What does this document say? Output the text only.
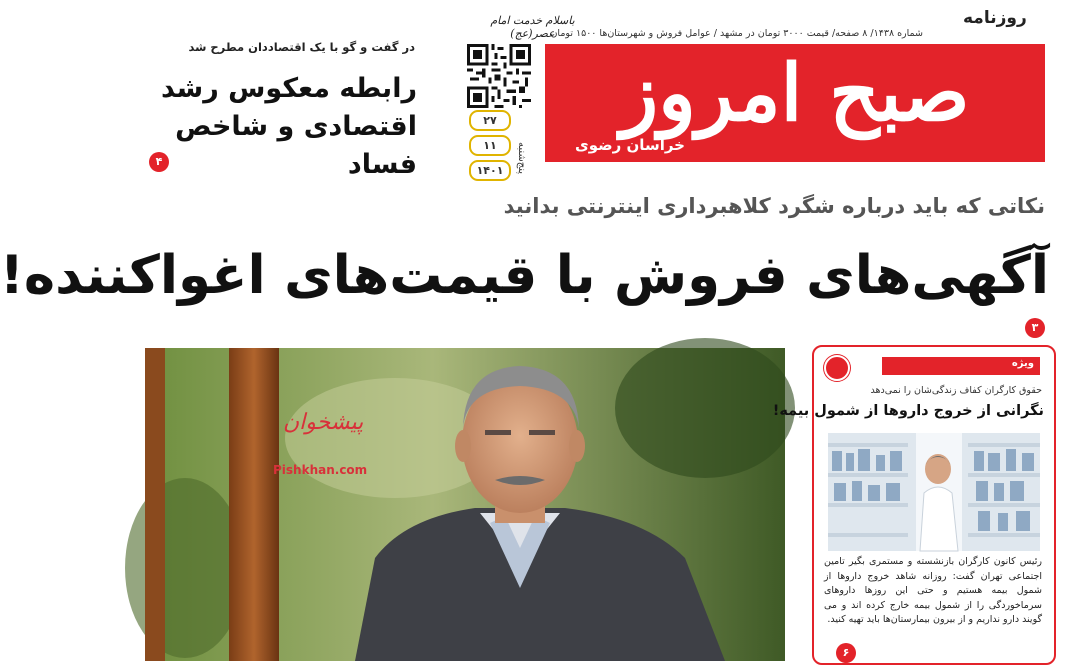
روزنامه
شماره ۱۴۳۸/ ۸ صفحه/ قیمت ۳۰۰۰ تومان در مشهد / عوامل فروش و شهرستان‌ها ۱۵۰۰ تومان
باسلام خدمت امام عصر(عج)
صبح امروز
خراسان رضوی
۲۷
۱۱
۱۴۰۱	پنج‌شنبه
در گفت و گو با یک اقتصاددان مطرح شد
رابطه معکوس رشد
اقتصادی و شاخص فساد
۴
نکاتی که باید درباره شگرد کلاهبرداری اینترنتی بدانید
آگهی‌های فروش با قیمت‌های اغواکننده!
۳
پیشخوان
Pishkhan.com
ویژه
حقوق کارگران کفاف زندگی‌شان را نمی‌دهد
نگرانی از خروج داروها از شمول بیمه!
رئیس کانون کارگران بازنشسته و مستمری بگیر تامین اجتماعی تهران گفت: روزانه شاهد خروج داروها از شمول بیمه هستیم و حتی این روزها داروهای سرماخوردگی را از شمول بیمه خارج کرده اند و می گویند دارو نداریم و از بیرون بیمارستان‌ها باید تهیه کنید.
۶
